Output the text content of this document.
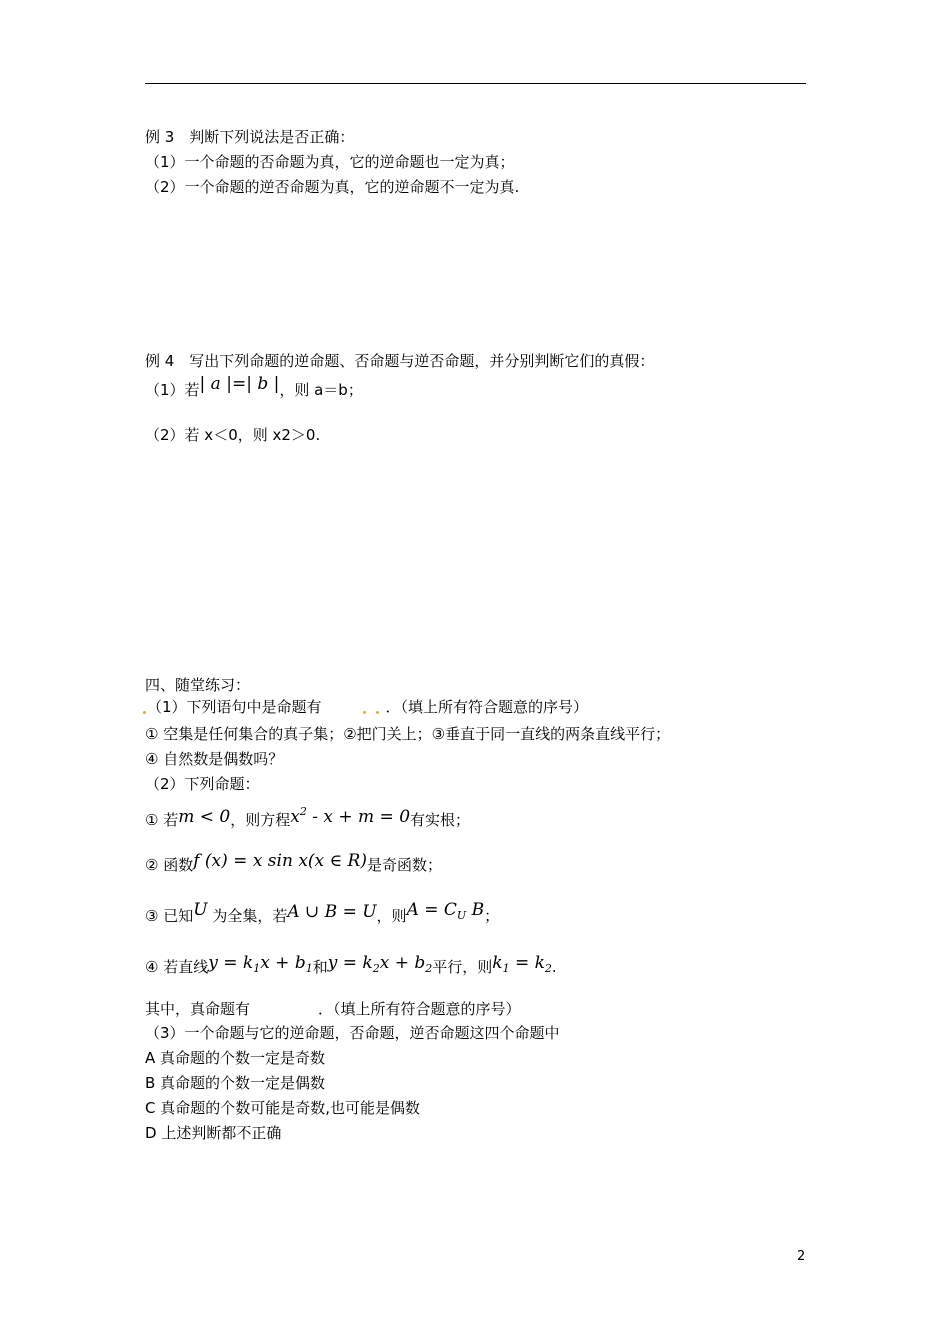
例 3　判断下列说法是否正确：
（1）一个命题的否命题为真，它的逆命题也一定为真；
（2）一个命题的逆否命题为真，它的逆命题不一定为真.
例 4　写出下列命题的逆命题、否命题与逆否命题，并分别判断它们的真假：
（1）若| a |=| b |，则 a＝b；
（2）若 x＜0，则 x2＞0.
四、随堂练习：
（1）下列语句中是命题有	．（填上所有符合题意的序号）
① 空集是任何集合的真子集；②把门关上；③垂直于同一直线的两条直线平行；
④ 自然数是偶数吗？
（2）下列命题：
① 若m < 0，则方程$x^2 - x + m = 0$有实根；
② 函数f (x) = x sin x(x ∈ R)是奇函数；
③ 已知U 为全集，若A ∪ B = U，则$A = C_U$ B；
④ 若直线$y = k_1x + b_1$和$y = k_2x + b_2$平行，则$k_1 = k_2$.
其中，真命题有	．（填上所有符合题意的序号）
（3）一个命题与它的逆命题，否命题，逆否命题这四个命题中
A 真命题的个数一定是奇数
B 真命题的个数一定是偶数
C 真命题的个数可能是奇数,也可能是偶数
D 上述判断都不正确
2
